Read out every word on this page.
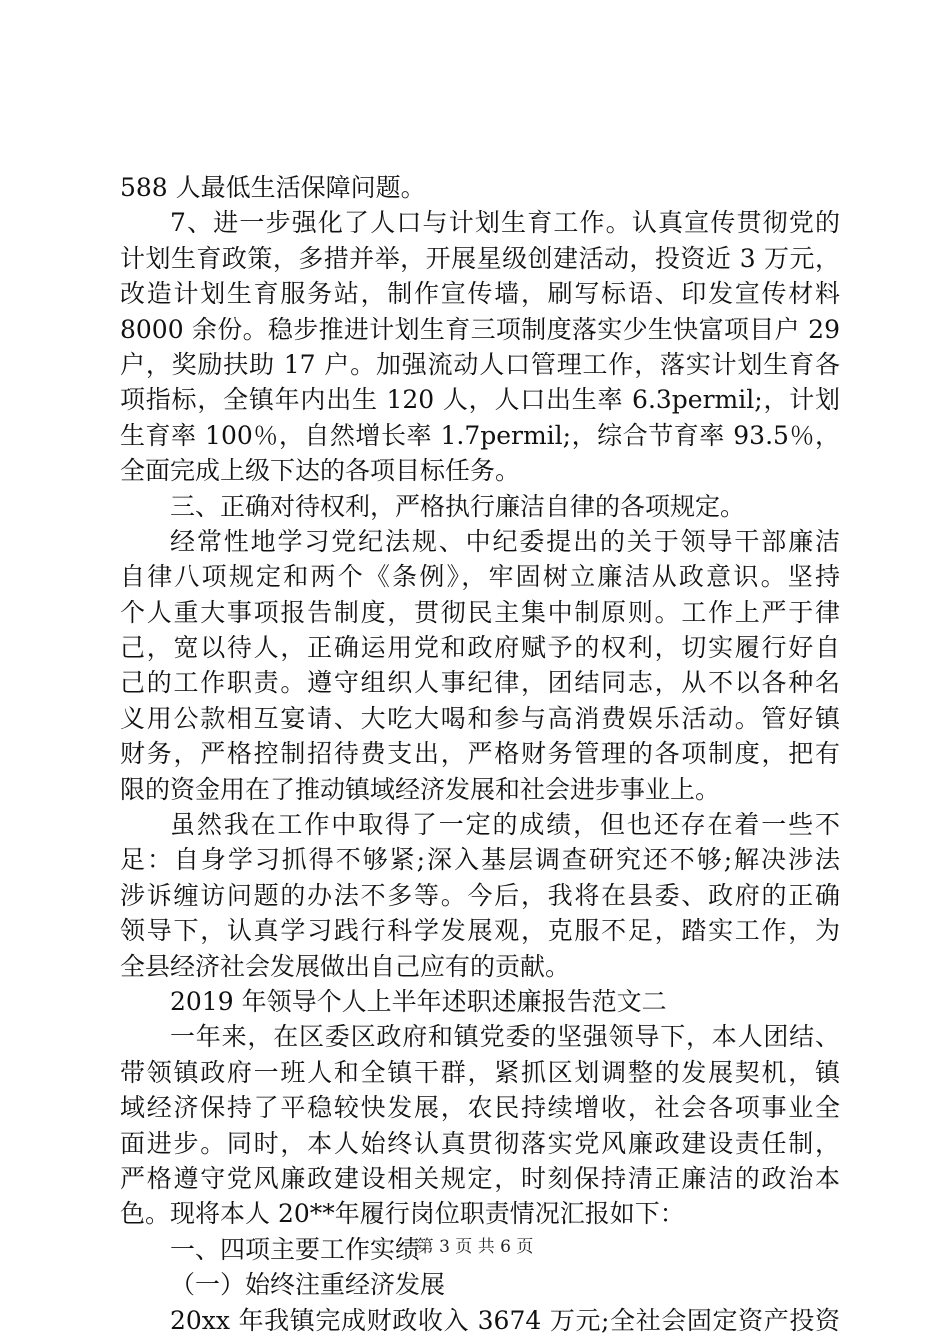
588 人最低生活保障问题。
7、进一步强化了人口与计划生育工作。认真宣传贯彻党的
计划生育政策，多措并举，开展星级创建活动，投资近 3 万元，
改造计划生育服务站，制作宣传墙，刷写标语、印发宣传材料
8000 余份。稳步推进计划生育三项制度落实少生快富项目户 29
户，奖励扶助 17 户。加强流动人口管理工作，落实计划生育各
项指标，全镇年内出生 120 人，人口出生率 6.3permil;，计划
生育率 100％，自然增长率 1.7permil;，综合节育率 93.5％，
全面完成上级下达的各项目标任务。
三、正确对待权利，严格执行廉洁自律的各项规定。
经常性地学习党纪法规、中纪委提出的关于领导干部廉洁
自律八项规定和两个《条例》，牢固树立廉洁从政意识。坚持
个人重大事项报告制度，贯彻民主集中制原则。工作上严于律
己，宽以待人，正确运用党和政府赋予的权利，切实履行好自
己的工作职责。遵守组织人事纪律，团结同志，从不以各种名
义用公款相互宴请、大吃大喝和参与高消费娱乐活动。管好镇
财务，严格控制招待费支出，严格财务管理的各项制度，把有
限的资金用在了推动镇域经济发展和社会进步事业上。
虽然我在工作中取得了一定的成绩，但也还存在着一些不
足：自身学习抓得不够紧;深入基层调查研究还不够;解决涉法
涉诉缠访问题的办法不多等。今后，我将在县委、政府的正确
领导下，认真学习践行科学发展观，克服不足，踏实工作，为
全县经济社会发展做出自己应有的贡献。
2019 年领导个人上半年述职述廉报告范文二
一年来，在区委区政府和镇党委的坚强领导下，本人团结、
带领镇政府一班人和全镇干群，紧抓区划调整的发展契机，镇
域经济保持了平稳较快发展，农民持续增收，社会各项事业全
面进步。同时，本人始终认真贯彻落实党风廉政建设责任制，
严格遵守党风廉政建设相关规定，时刻保持清正廉洁的政治本
色。现将本人 20**年履行岗位职责情况汇报如下：
一、四项主要工作实绩
（一）始终注重经济发展
20xx 年我镇完成财政收入 3674 万元;全社会固定资产投资
第 3 页 共 6 页
